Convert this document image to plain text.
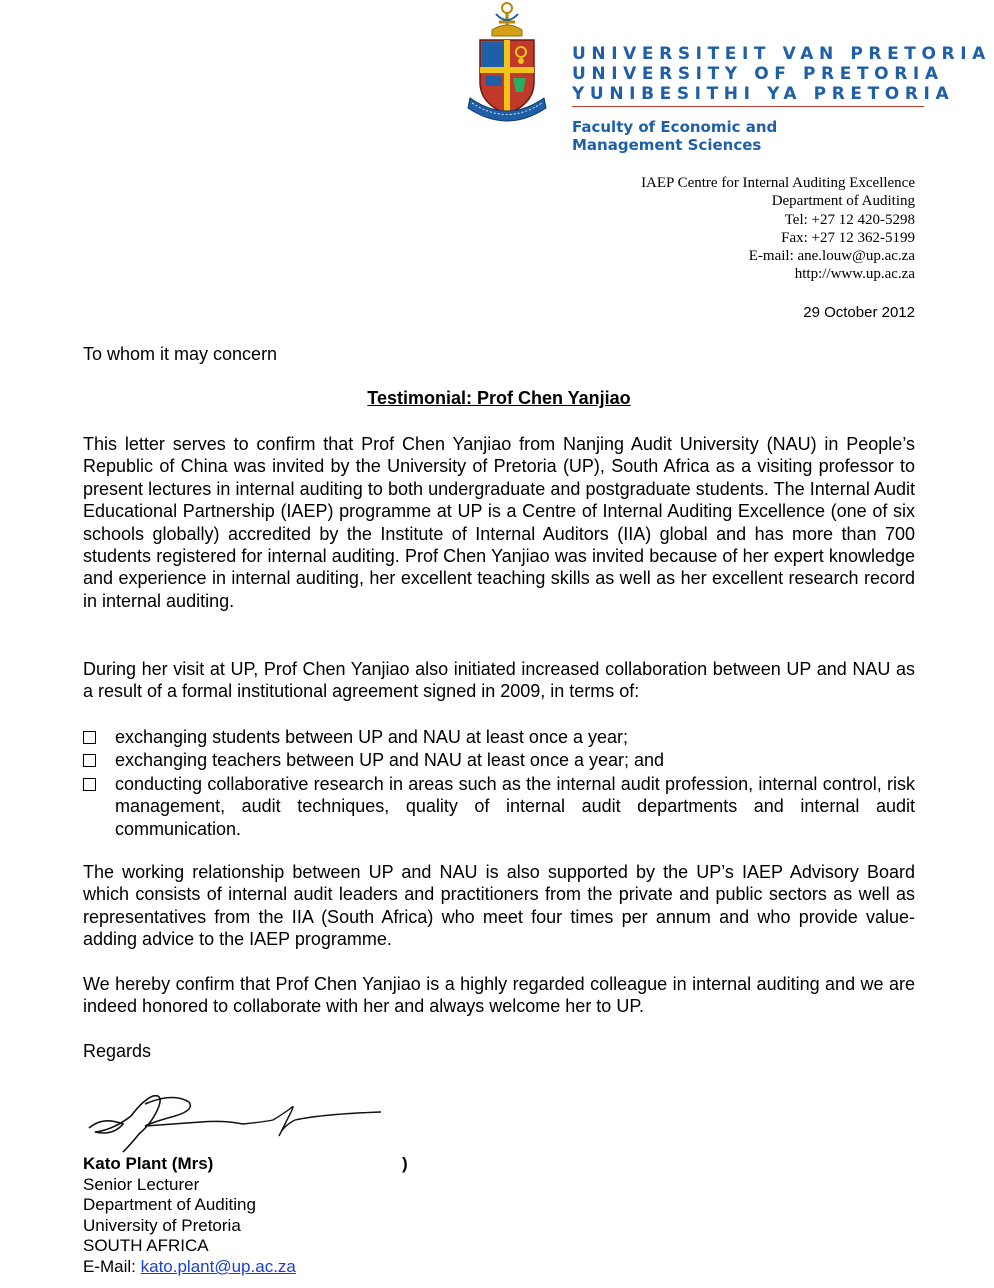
UNIVERSITEIT VAN PRETORIA
UNIVERSITY OF PRETORIA
YUNIBESITHI YA PRETORIA
Faculty of Economic and Management Sciences
IAEP Centre for Internal Auditing Excellence
Department of Auditing
Tel: +27 12 420-5298
Fax: +27 12 362-5199
E-mail: ane.louw@up.ac.za
http://www.up.ac.za
29 October 2012
To whom it may concern
Testimonial: Prof Chen Yanjiao
This letter serves to confirm that Prof Chen Yanjiao from Nanjing Audit University (NAU) in People’s Republic of China was invited by the University of Pretoria (UP), South Africa as a visiting professor to present lectures in internal auditing to both undergraduate and postgraduate students. The Internal Audit Educational Partnership (IAEP) programme at UP is a Centre of Internal Auditing Excellence (one of six schools globally) accredited by the Institute of Internal Auditors (IIA) global and has more than 700 students registered for internal auditing. Prof Chen Yanjiao was invited because of her expert knowledge and experience in internal auditing, her excellent teaching skills as well as her excellent research record in internal auditing.
During her visit at UP, Prof Chen Yanjiao also initiated increased collaboration between UP and NAU as a result of a formal institutional agreement signed in 2009, in terms of:
exchanging students between UP and NAU at least once a year;
exchanging teachers between UP and NAU at least once a year; and
conducting collaborative research in areas such as the internal audit profession, internal control, risk management, audit techniques, quality of internal audit departments and internal audit communication.
The working relationship between UP and NAU is also supported by the UP’s IAEP Advisory Board which consists of internal audit leaders and practitioners from the private and public sectors as well as representatives from the IIA (South Africa) who meet four times per annum and who provide value-adding advice to the IAEP programme.
We hereby confirm that Prof Chen Yanjiao is a highly regarded colleague in internal auditing and we are indeed honored to collaborate with her and always welcome her to UP.
Regards
Kato Plant (Mrs)
Senior Lecturer
Department of Auditing
University of Pretoria
SOUTH AFRICA
E-Mail: kato.plant@up.ac.za
)
